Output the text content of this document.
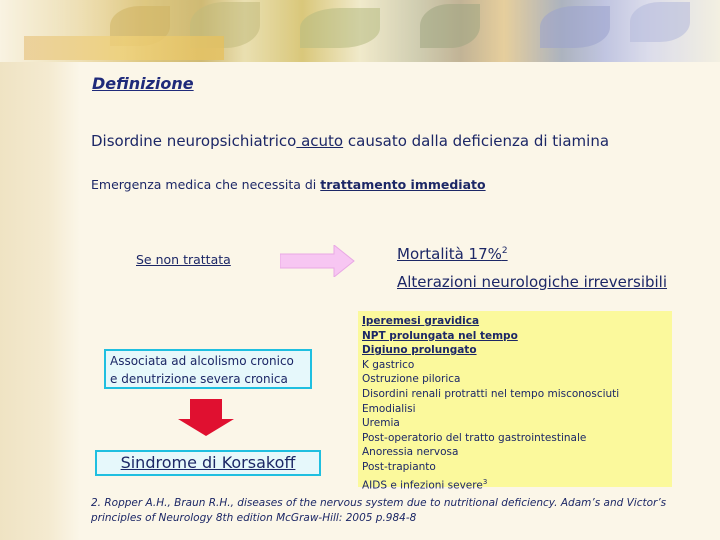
Definizione
Disordine neuropsichiatrico acuto causato dalla deficienza di tiamina
Emergenza medica che necessita di trattamento immediato
Se non trattata	Mortalità 17%$^2$
Alterazioni neurologiche irreversibili
Associata ad alcolismo cronico
e denutrizione severa cronica
Sindrome di Korsakoff
Iperemesi gravidica
NPT prolungata nel tempo
Digiuno prolungato
K gastrico
Ostruzione pilorica
Disordini renali protratti nel tempo misconosciuti
Emodialisi
Uremia
Post-operatorio del tratto gastrointestinale
Anoressia nervosa
Post-trapianto
AIDS e infezioni severe$^3$
2. Ropper A.H., Braun R.H., diseases of the nervous system due to nutritional deficiency. Adam’s and Victor’s
principles of Neurology 8th edition McGraw-Hill: 2005 p.984-8
